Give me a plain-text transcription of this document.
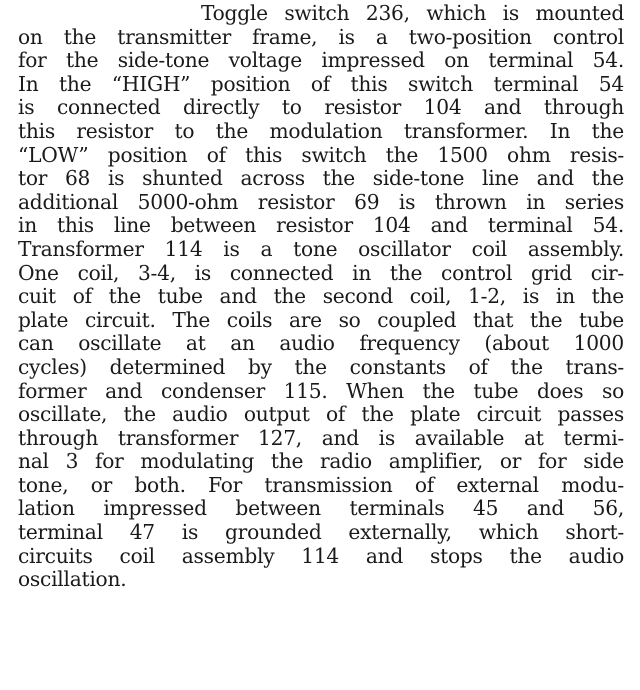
Toggle switch 236, which is mounted
on the transmitter frame, is a two-position control
for the side-tone voltage impressed on terminal 54.
In the “HIGH” position of this switch terminal 54
is connected directly to resistor 104 and through
this resistor to the modulation transformer. In the
“LOW” position of this switch the 1500 ohm resis-
tor 68 is shunted across the side-tone line and the
additional 5000-ohm resistor 69 is thrown in series
in this line between resistor 104 and terminal 54.
Transformer 114 is a tone oscillator coil assembly.
One coil, 3-4, is connected in the control grid cir-
cuit of the tube and the second coil, 1-2, is in the
plate circuit. The coils are so coupled that the tube
can oscillate at an audio frequency (about 1000
cycles) determined by the constants of the trans-
former and condenser 115. When the tube does so
oscillate, the audio output of the plate circuit passes
through transformer 127, and is available at termi-
nal 3 for modulating the radio amplifier, or for side
tone, or both. For transmission of external modu-
lation impressed between terminals 45 and 56,
terminal 47 is grounded externally, which short-
circuits coil assembly 114 and stops the audio
oscillation.
